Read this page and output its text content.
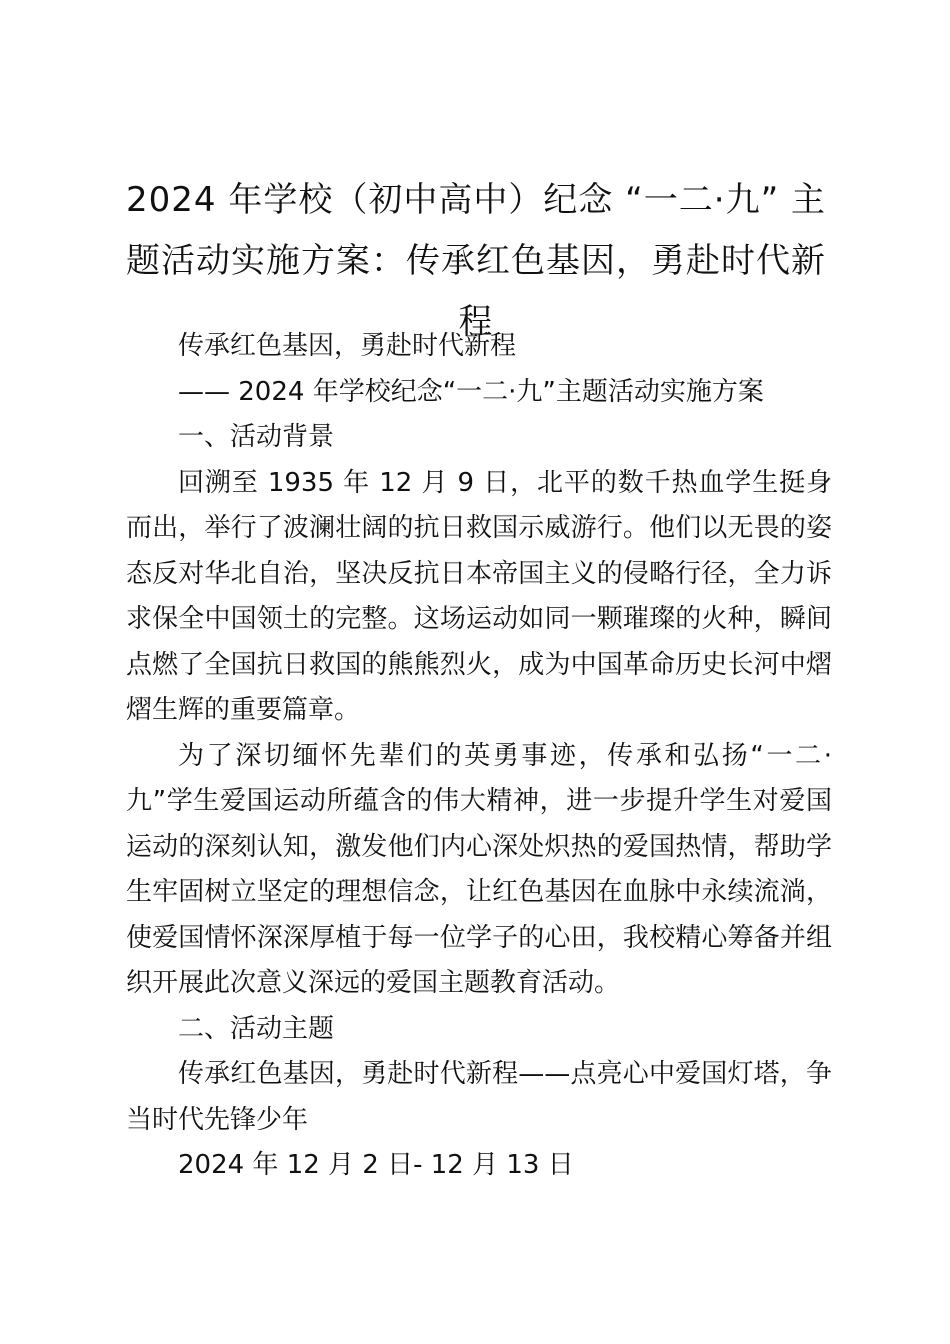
2024 年学校（初中高中）纪念 “一二·九” 主题活动实施方案：传承红色基因，勇赴时代新程

传承红色基因，勇赴时代新程

—— 2024 年学校纪念“一二·九”主题活动实施方案

一、活动背景

回溯至 1935 年 12 月 9 日，北平的数千热血学生挺身而出，举行了波澜壮阔的抗日救国示威游行。他们以无畏的姿态反对华北自治，坚决反抗日本帝国主义的侵略行径，全力诉求保全中国领土的完整。这场运动如同一颗璀璨的火种，瞬间点燃了全国抗日救国的熊熊烈火，成为中国革命历史长河中熠熠生辉的重要篇章。

为了深切缅怀先辈们的英勇事迹，传承和弘扬“一二·九”学生爱国运动所蕴含的伟大精神，进一步提升学生对爱国运动的深刻认知，激发他们内心深处炽热的爱国热情，帮助学生牢固树立坚定的理想信念，让红色基因在血脉中永续流淌，使爱国情怀深深厚植于每一位学子的心田，我校精心筹备并组织开展此次意义深远的爱国主题教育活动。

二、活动主题

传承红色基因，勇赴时代新程——点亮心中爱国灯塔，争当时代先锋少年

2024 年 12 月 2 日- 12 月 13 日
